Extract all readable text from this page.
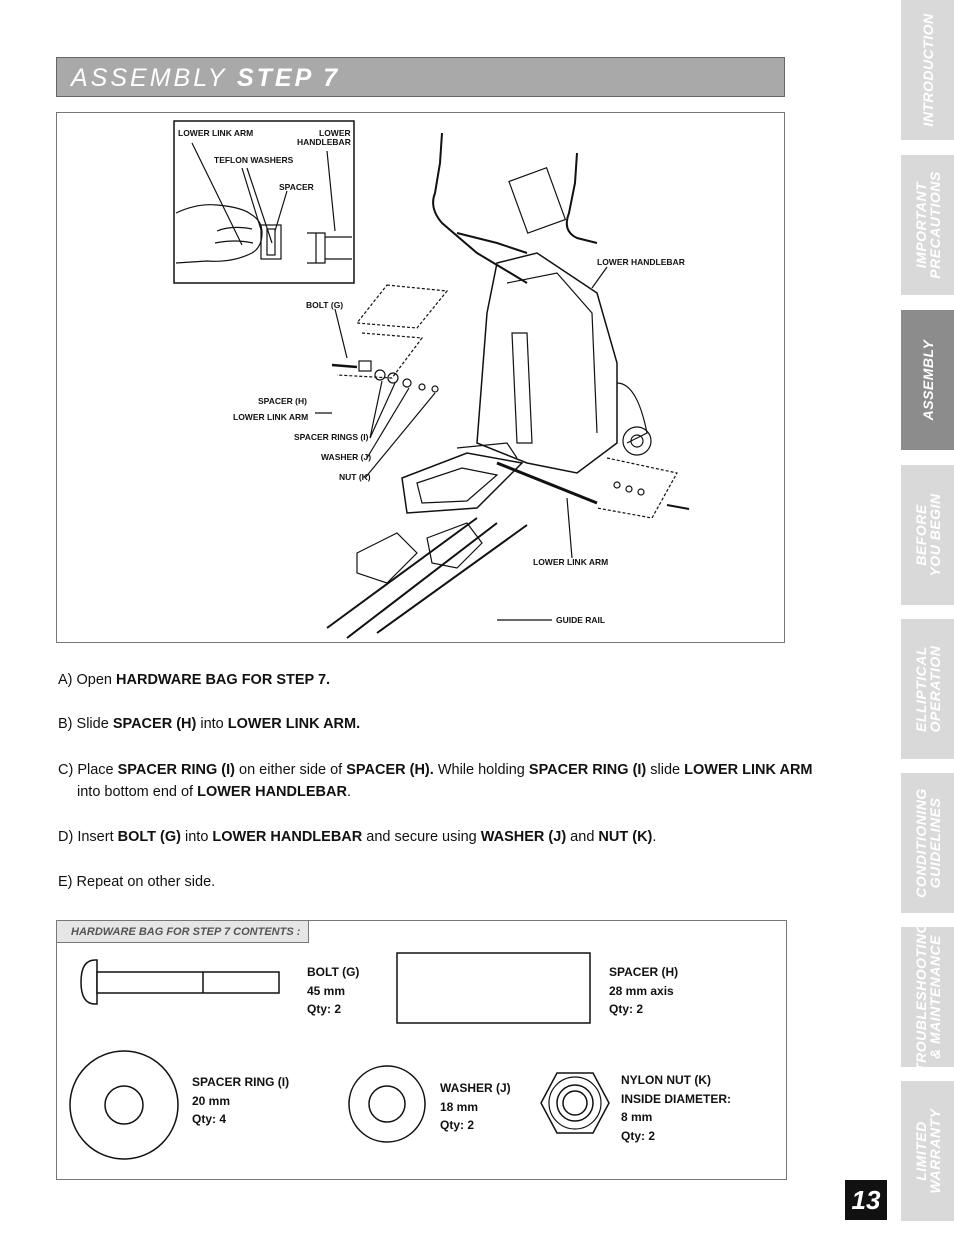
ASSEMBLY STEP 7
LOWER LINK ARM	LOWER
HANDLEBAR
TEFLON WASHERS
SPACER
LOWER HANDLEBAR
BOLT (G)
SPACER (H)
LOWER LINK ARM
SPACER RINGS (I)
WASHER (J)
NUT (K)
LOWER LINK ARM
GUIDE RAIL
A) Open HARDWARE BAG FOR STEP 7.
B) Slide SPACER (H) into LOWER LINK ARM.
C) Place SPACER RING (I) on either side of SPACER (H). While holding SPACER RING (I) slide LOWER LINK ARM
into bottom end of LOWER HANDLEBAR.
D) Insert BOLT (G) into LOWER HANDLEBAR and secure using WASHER (J) and NUT (K).
E) Repeat on other side.
HARDWARE BAG FOR STEP 7 CONTENTS :
BOLT (G)
45 mm
Qty: 2
SPACER (H)
28 mm axis
Qty: 2
SPACER RING (I)
20 mm
Qty: 4
WASHER (J)
18 mm
Qty: 2
NYLON NUT (K)
INSIDE DIAMETER:
8 mm
Qty: 2
INTRODUCTION
IMPORTANT
PRECAUTIONS
ASSEMBLY
BEFORE
YOU BEGIN
ELLIPTICAL
OPERATION
CONDITIONING
GUIDELINES
TROUBLESHOOTING
& MAINTENANCE
LIMITED
WARRANTY
13
